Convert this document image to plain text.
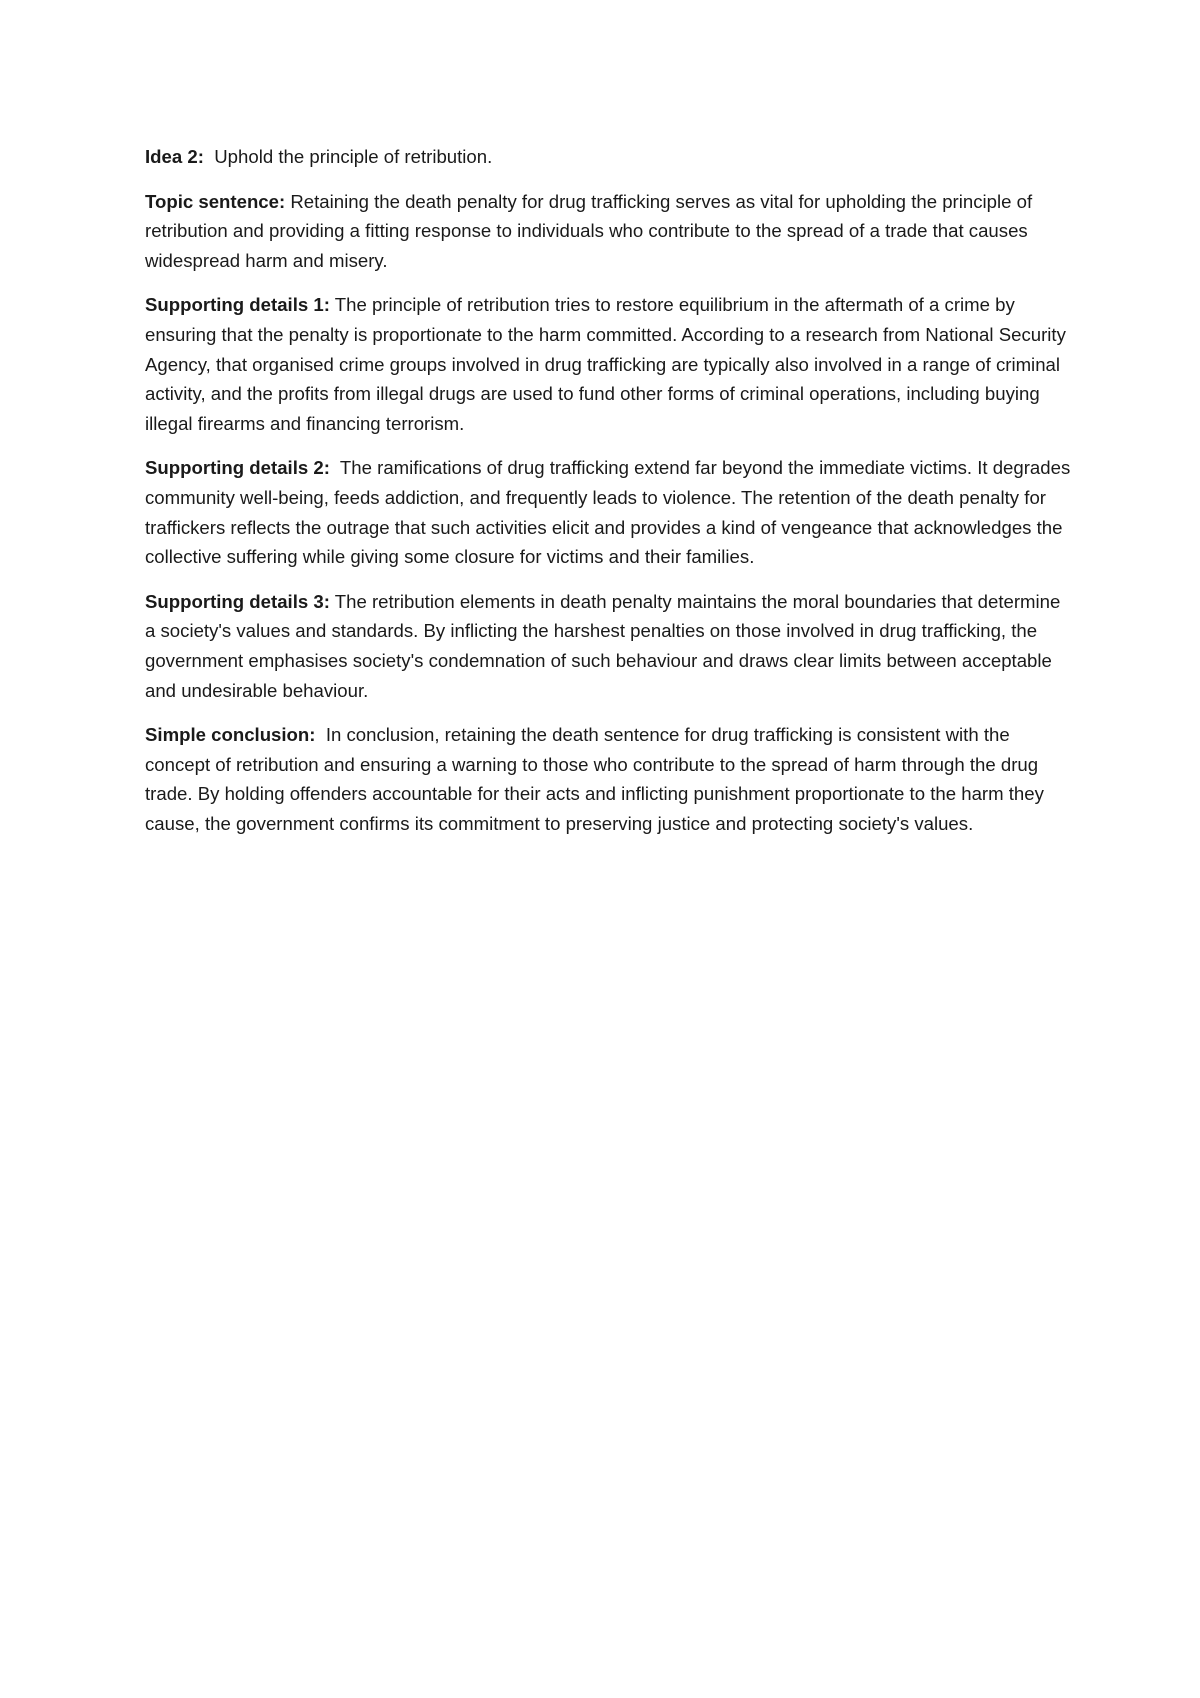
Idea 2: Uphold the principle of retribution.

Topic sentence: Retaining the death penalty for drug trafficking serves as vital for upholding the principle of retribution and providing a fitting response to individuals who contribute to the spread of a trade that causes widespread harm and misery.

Supporting details 1: The principle of retribution tries to restore equilibrium in the aftermath of a crime by ensuring that the penalty is proportionate to the harm committed. According to a research from National Security Agency, that organised crime groups involved in drug trafficking are typically also involved in a range of criminal activity, and the profits from illegal drugs are used to fund other forms of criminal operations, including buying illegal firearms and financing terrorism.

Supporting details 2: The ramifications of drug trafficking extend far beyond the immediate victims. It degrades community well-being, feeds addiction, and frequently leads to violence. The retention of the death penalty for traffickers reflects the outrage that such activities elicit and provides a kind of vengeance that acknowledges the collective suffering while giving some closure for victims and their families.

Supporting details 3: The retribution elements in death penalty maintains the moral boundaries that determine a society's values and standards. By inflicting the harshest penalties on those involved in drug trafficking, the government emphasises society's condemnation of such behaviour and draws clear limits between acceptable and undesirable behaviour.

Simple conclusion: In conclusion, retaining the death sentence for drug trafficking is consistent with the concept of retribution and ensuring a warning to those who contribute to the spread of harm through the drug trade. By holding offenders accountable for their acts and inflicting punishment proportionate to the harm they cause, the government confirms its commitment to preserving justice and protecting society's values.
